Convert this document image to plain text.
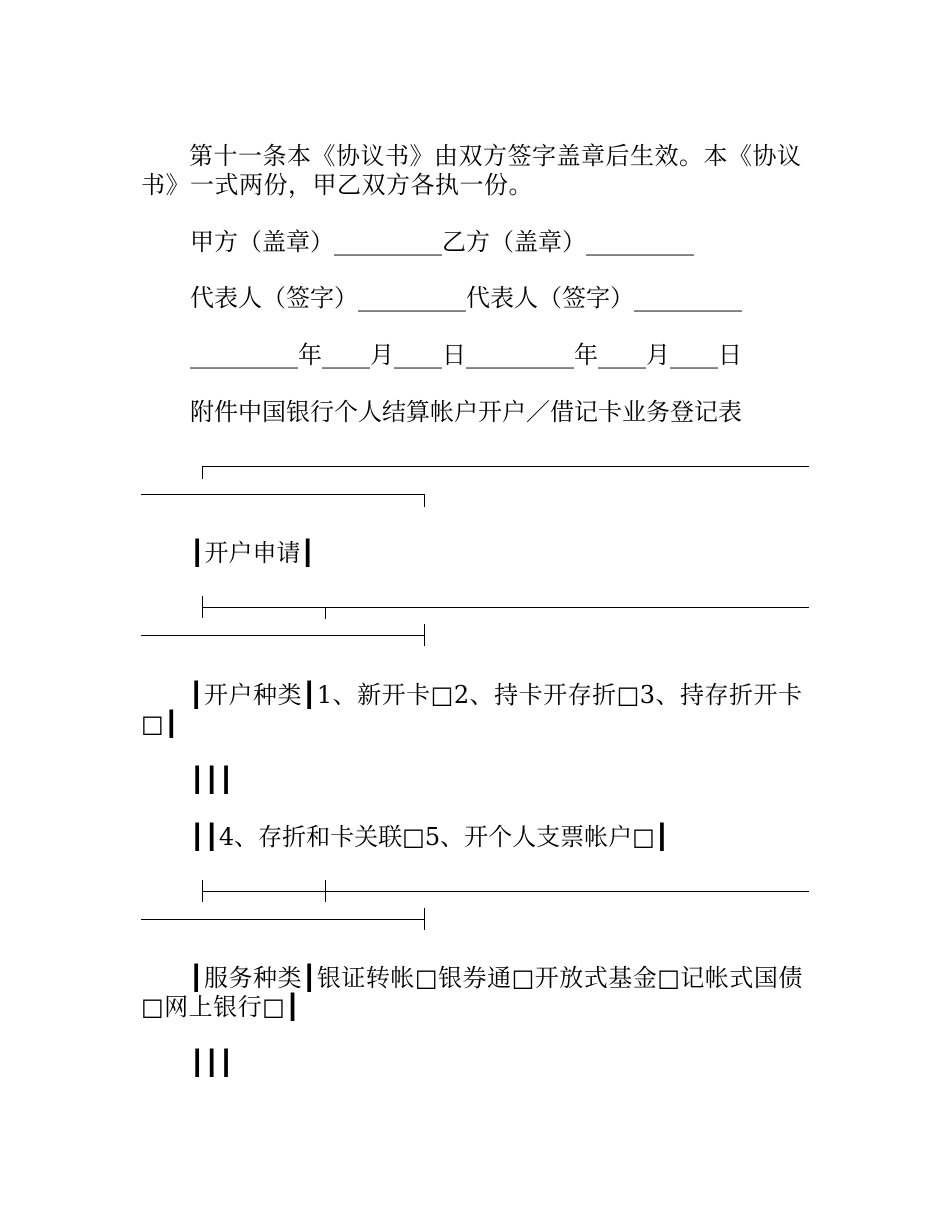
第十一条本《协议书》由双方签字盖章后生效。本《协议书》一式两份，甲乙双方各执一份。
甲方（盖章）_________乙方（盖章）_________
代表人（签字）_________代表人（签字）_________
_________年____月____日_________年____月____日
附件中国银行个人结算帐户开户／借记卡业务登记表
┃开户申请┃
┃开户种类┃1、新开卡□2、持卡开存折□3、持存折开卡□┃
┃┃┃
┃┃4、存折和卡关联□5、开个人支票帐户□┃
┃服务种类┃银证转帐□银券通□开放式基金□记帐式国债□网上银行□┃
┃┃┃
